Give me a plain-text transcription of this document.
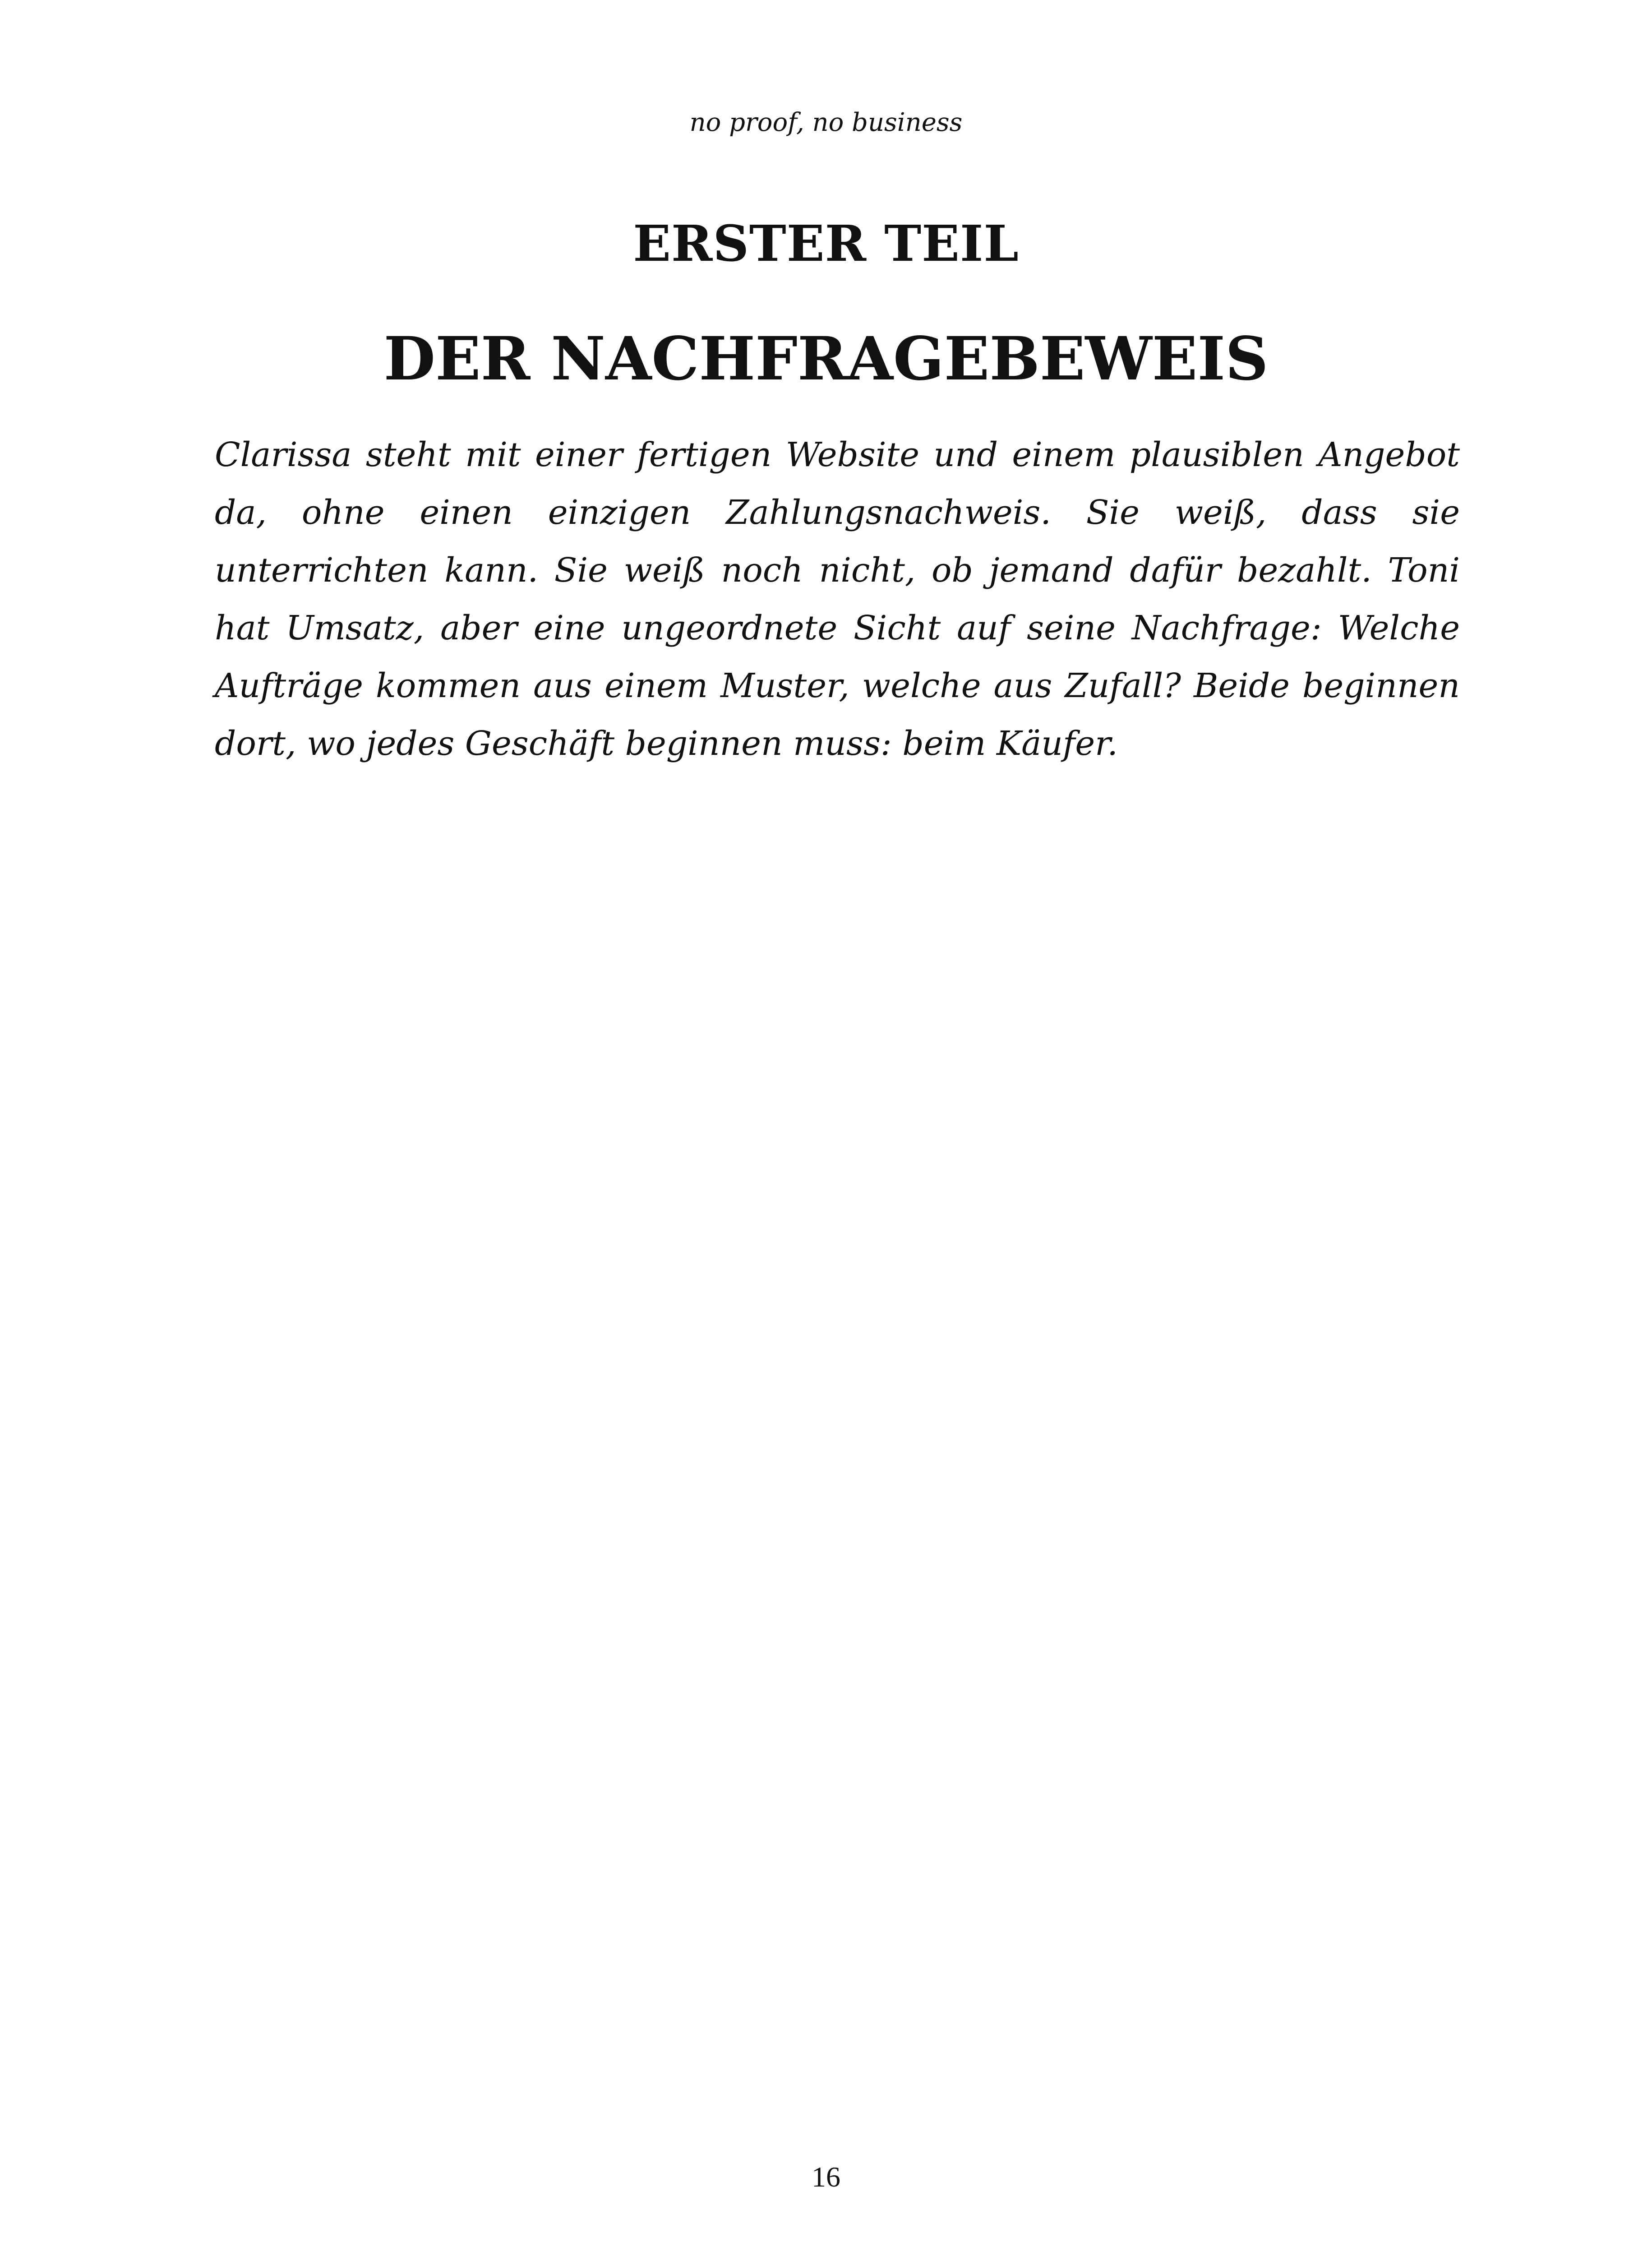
no proof, no business
ERSTER TEIL
DER NACHFRAGEBEWEIS

Clarissa steht mit einer fertigen Website und einem plausiblen Angebot da, ohne einen einzigen Zahlungsnachweis. Sie weiß, dass sie unterrichten kann. Sie weiß noch nicht, ob jemand dafür bezahlt. Toni hat Umsatz, aber eine ungeordnete Sicht auf seine Nachfrage: Welche Aufträge kommen aus einem Muster, welche aus Zufall? Beide beginnen dort, wo jedes Geschäft beginnen muss: beim Käufer.

16
